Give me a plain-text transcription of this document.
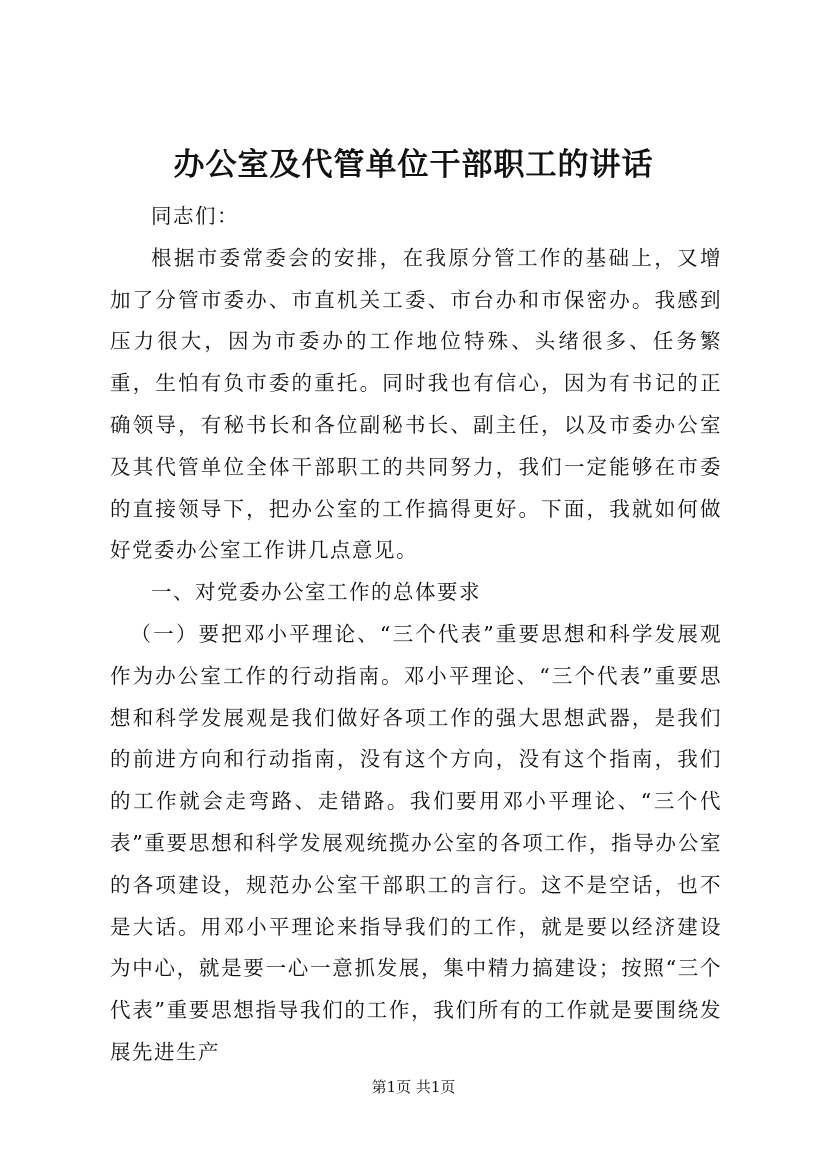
办公室及代管单位干部职工的讲话

同志们：

根据市委常委会的安排，在我原分管工作的基础上，又增加了分管市委办、市直机关工委、市台办和市保密办。我感到压力很大，因为市委办的工作地位特殊、头绪很多、任务繁重，生怕有负市委的重托。同时我也有信心，因为有书记的正确领导，有秘书长和各位副秘书长、副主任，以及市委办公室及其代管单位全体干部职工的共同努力，我们一定能够在市委的直接领导下，把办公室的工作搞得更好。下面，我就如何做好党委办公室工作讲几点意见。

一、对党委办公室工作的总体要求

（一）要把邓小平理论、“三个代表”重要思想和科学发展观作为办公室工作的行动指南。邓小平理论、“三个代表”重要思想和科学发展观是我们做好各项工作的强大思想武器，是我们的前进方向和行动指南，没有这个方向，没有这个指南，我们的工作就会走弯路、走错路。我们要用邓小平理论、“三个代表”重要思想和科学发展观统揽办公室的各项工作，指导办公室的各项建设，规范办公室干部职工的言行。这不是空话，也不是大话。用邓小平理论来指导我们的工作，就是要以经济建设为中心，就是要一心一意抓发展，集中精力搞建设；按照“三个代表”重要思想指导我们的工作，我们所有的工作就是要围绕发展先进生产

第1页 共1页
